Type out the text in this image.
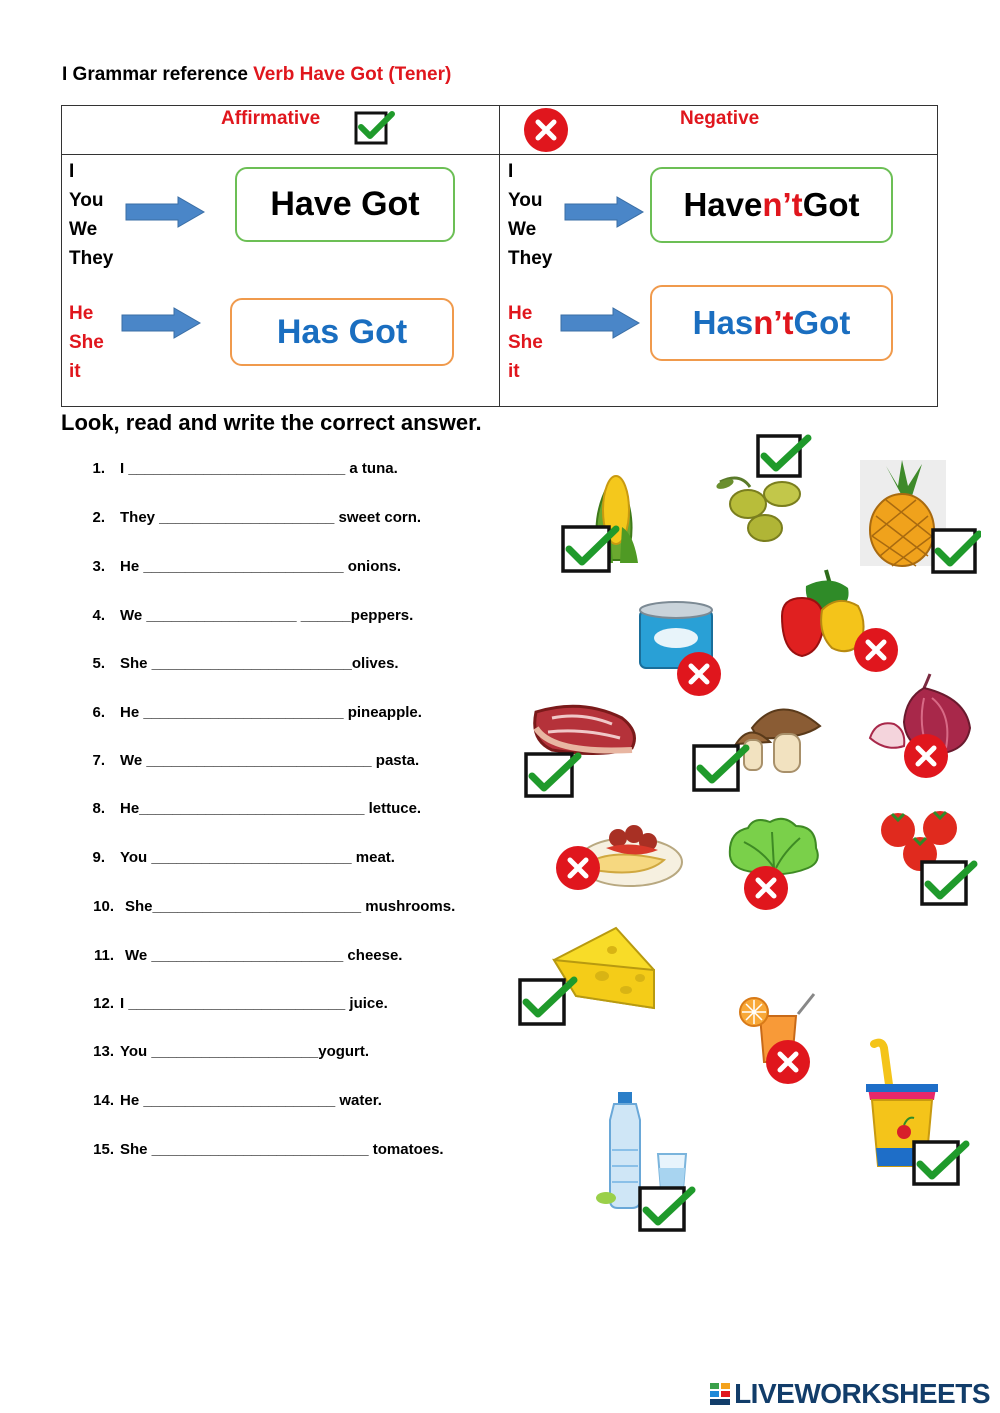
I Grammar reference Verb Have Got (Tener)
Affirmative	Negative
I
You
We
They
Have Got
He
She
it
Has Got
I
You
We
They
Have n’t Got
He
She
it
Has n’t Got
Look, read and write the correct answer.

1. I __________________________ a tuna.

2. They _____________________ sweet corn.

3. He ________________________ onions.

4. We __________________ ______peppers.

5. She ________________________olives.

6. He ________________________ pineapple.

7. We ___________________________ pasta.

8. He___________________________ lettuce.

9. You ________________________ meat.

10. She_________________________ mushrooms.

11. We _______________________ cheese.

12. I __________________________ juice.

13. You ____________________yogurt.

14. He _______________________ water.

15. She __________________________ tomatoes.

LIVEWORKSHEETS
